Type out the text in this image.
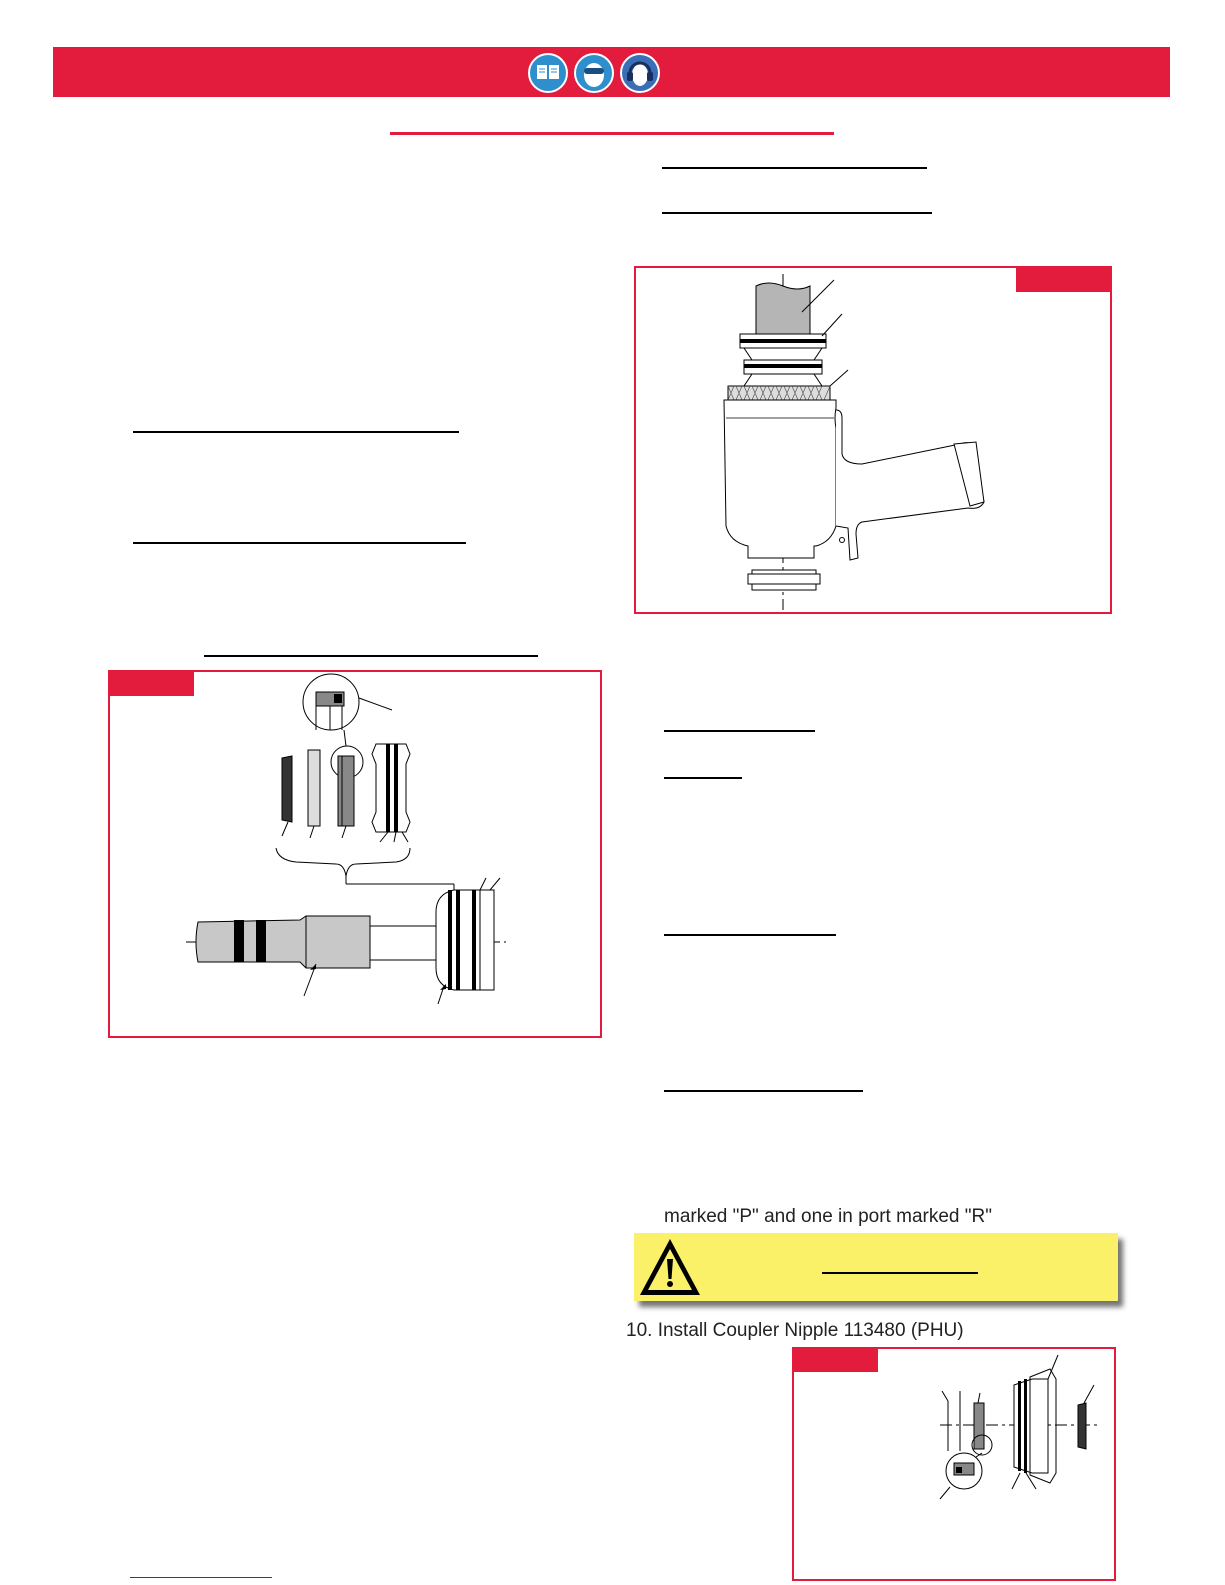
marked "P" and one in port marked "R"
10. Install Coupler Nipple 113480 (PHU)
